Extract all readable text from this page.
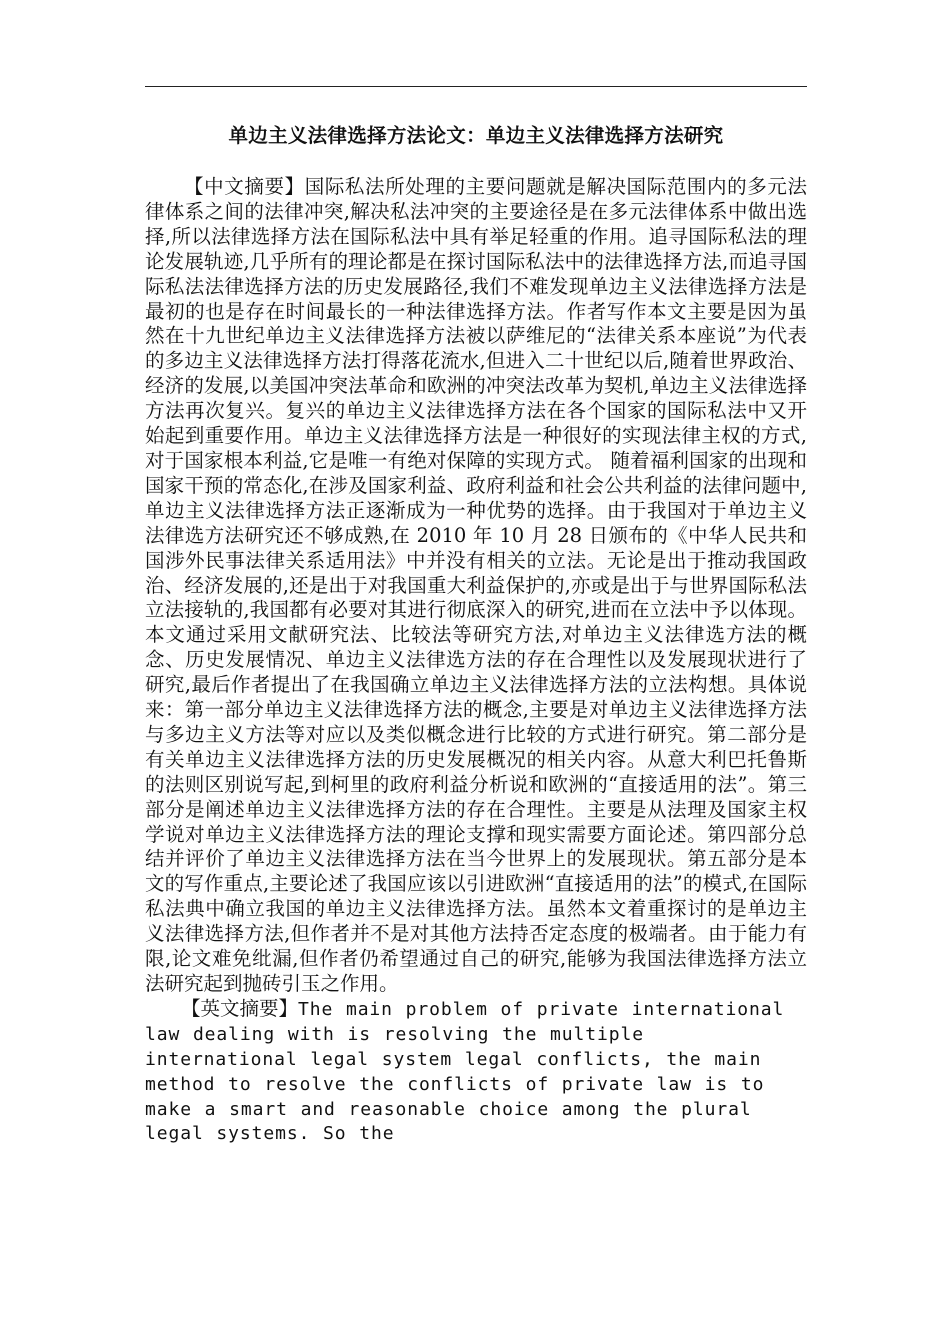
单边主义法律选择方法论文：单边主义法律选择方法研究

【中文摘要】国际私法所处理的主要问题就是解决国际范围内的多元法律体系之间的法律冲突,解决私法冲突的主要途径是在多元法律体系中做出选择,所以法律选择方法在国际私法中具有举足轻重的作用。追寻国际私法的理论发展轨迹,几乎所有的理论都是在探讨国际私法中的法律选择方法,而追寻国际私法法律选择方法的历史发展路径,我们不难发现单边主义法律选择方法是最初的也是存在时间最长的一种法律选择方法。作者写作本文主要是因为虽然在十九世纪单边主义法律选择方法被以萨维尼的“法律关系本座说”为代表的多边主义法律选择方法打得落花流水,但进入二十世纪以后,随着世界政治、经济的发展,以美国冲突法革命和欧洲的冲突法改革为契机,单边主义法律选择方法再次复兴。复兴的单边主义法律选择方法在各个国家的国际私法中又开始起到重要作用。单边主义法律选择方法是一种很好的实现法律主权的方式,对于国家根本利益,它是唯一有绝对保障的实现方式。 随着福利国家的出现和国家干预的常态化,在涉及国家利益、政府利益和社会公共利益的法律问题中,单边主义法律选择方法正逐渐成为一种优势的选择。由于我国对于单边主义法律选方法研究还不够成熟,在 2010 年 10 月 28 日颁布的《中华人民共和国涉外民事法律关系适用法》中并没有相关的立法。无论是出于推动我国政治、经济发展的,还是出于对我国重大利益保护的,亦或是出于与世界国际私法立法接轨的,我国都有必要对其进行彻底深入的研究,进而在立法中予以体现。本文通过采用文献研究法、比较法等研究方法,对单边主义法律选方法的概念、历史发展情况、单边主义法律选方法的存在合理性以及发展现状进行了研究,最后作者提出了在我国确立单边主义法律选择方法的立法构想。具体说来：第一部分单边主义法律选择方法的概念,主要是对单边主义法律选择方法与多边主义方法等对应以及类似概念进行比较的方式进行研究。第二部分是有关单边主义法律选择方法的历史发展概况的相关内容。从意大利巴托鲁斯的法则区别说写起,到柯里的政府利益分析说和欧洲的“直接适用的法”。第三部分是阐述单边主义法律选择方法的存在合理性。主要是从法理及国家主权学说对单边主义法律选择方法的理论支撑和现实需要方面论述。第四部分总结并评价了单边主义法律选择方法在当今世界上的发展现状。第五部分是本文的写作重点,主要论述了我国应该以引进欧洲“直接适用的法”的模式,在国际私法典中确立我国的单边主义法律选择方法。虽然本文着重探讨的是单边主义法律选择方法,但作者并不是对其他方法持否定态度的极端者。由于能力有限,论文难免纰漏,但作者仍希望通过自己的研究,能够为我国法律选择方法立法研究起到抛砖引玉之作用。

【英文摘要】The main problem of private international law dealing with is resolving the multiple international legal system legal conflicts, the main method to resolve the conflicts of private law is to make a smart and reasonable choice among the plural legal systems. So the
